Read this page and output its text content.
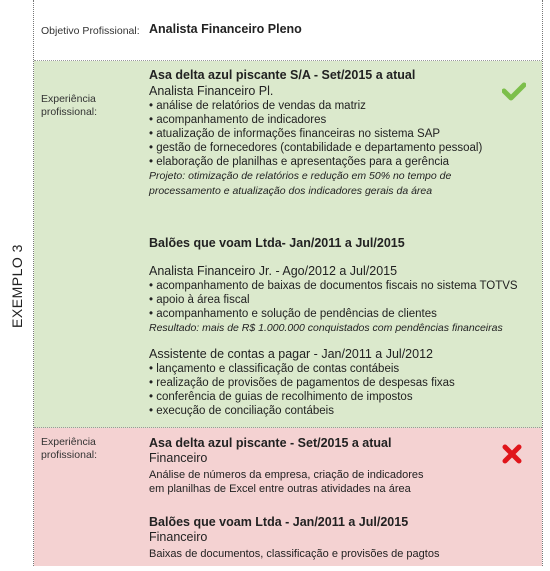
EXEMPLO 3
Objetivo Profissional: Analista Financeiro Pleno
Experiência
profissional:
Asa delta azul piscante S/A - Set/2015 a atual
Analista Financeiro Pl.
• análise de relatórios de vendas da matriz
• acompanhamento de indicadores
• atualização de informações financeiras no sistema SAP
• gestão de fornecedores (contabilidade e departamento pessoal)
• elaboração de planilhas e apresentações para a gerência
Projeto: otimização de relatórios e redução em 50% no tempo de
processamento e atualização dos indicadores gerais da área
Balões que voam Ltda- Jan/2011 a Jul/2015
Analista Financeiro Jr. - Ago/2012 a Jul/2015
• acompanhamento de baixas de documentos fiscais no sistema TOTVS
• apoio à área fiscal
• acompanhamento e solução de pendências de clientes
Resultado: mais de R$ 1.000.000 conquistados com pendências financeiras
Assistente de contas a pagar - Jan/2011 a Jul/2012
• lançamento e classificação de contas contábeis
• realização de provisões de pagamentos de despesas fixas
• conferência de guias de recolhimento de impostos
• execução de conciliação contábeis
Experiência
profissional:
Asa delta azul piscante - Set/2015 a atual
Financeiro
Análise de números da empresa, criação de indicadores
em planilhas de Excel entre outras atividades na área
Balões que voam Ltda - Jan/2011 a Jul/2015
Financeiro
Baixas de documentos, classificação e provisões de pagtos
